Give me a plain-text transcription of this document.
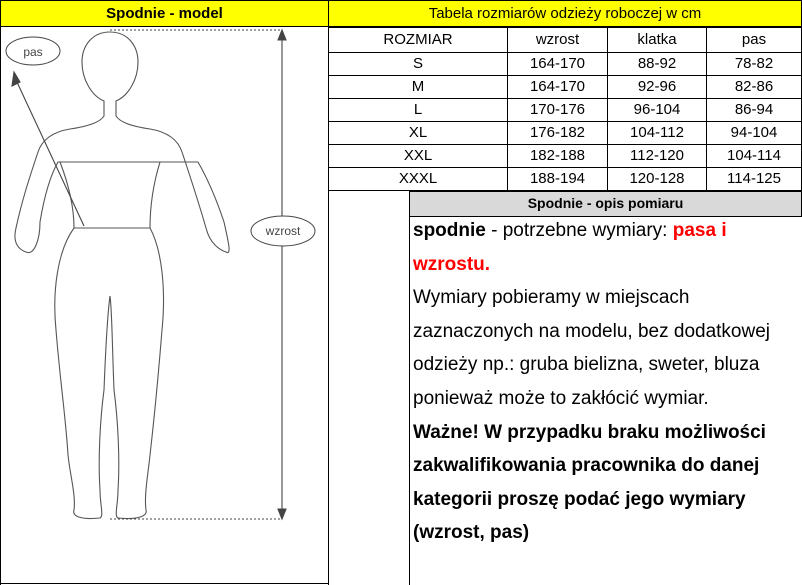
Spodnie - model	Tabela rozmiarów odzieży roboczej w cm
ROZMIAR	wzrost	klatka	pas
S	164-170	88-92	78-82
M	164-170	92-96	82-86
L	170-176	96-104	86-94
XL	176-182	104-112	94-104
XXL	182-188	112-120	104-114
XXXL	188-194	120-128	114-125
Spodnie - opis pomiaru
spodnie - potrzebne wymiary: pasa i
wzrostu.
Wymiary pobieramy w miejscach
zaznaczonych na modelu, bez dodatkowej
odzieży np.: gruba bielizna, sweter, bluza
ponieważ może to zakłócić wymiar.
Ważne! W przypadku braku możliwości
zakwalifikowania pracownika do danej
kategorii proszę podać jego wymiary
(wzrost, pas)
pas
wzrost
